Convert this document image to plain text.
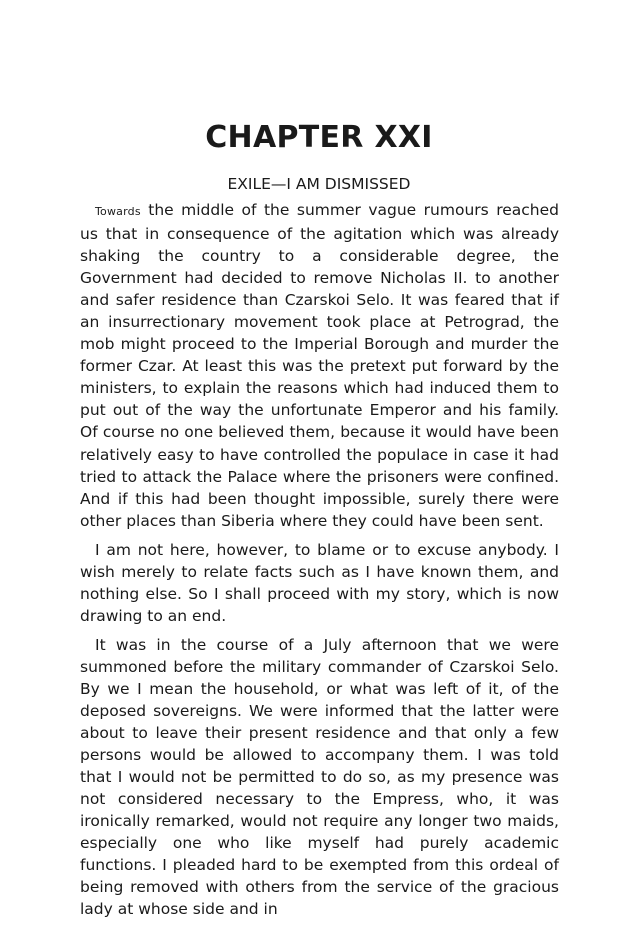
CHAPTER XXI
EXILE—I AM DISMISSED

Towards the middle of the summer vague rumours reached us that in consequence of the agitation which was already shaking the country to a considerable degree, the Government had decided to remove Nicholas II. to another and safer residence than Czarskoi Selo. It was feared that if an insurrectionary movement took place at Petrograd, the mob might proceed to the Imperial Borough and murder the former Czar. At least this was the pretext put forward by the ministers, to explain the reasons which had induced them to put out of the way the unfortunate Emperor and his family. Of course no one believed them, because it would have been relatively easy to have controlled the populace in case it had tried to attack the Palace where the prisoners were confined. And if this had been thought impossible, surely there were other places than Siberia where they could have been sent.

I am not here, however, to blame or to excuse anybody. I wish merely to relate facts such as I have known them, and nothing else. So I shall proceed with my story, which is now drawing to an end.

It was in the course of a July afternoon that we were summoned before the military commander of Czarskoi Selo. By we I mean the household, or what was left of it, of the deposed sovereigns. We were informed that the latter were about to leave their present residence and that only a few persons would be allowed to accompany them. I was told that I would not be permitted to do so, as my presence was not considered necessary to the Empress, who, it was ironically remarked, would not require any longer two maids, especially one who like myself had purely academic functions. I pleaded hard to be exempted from this ordeal of being removed with others from the service of the gracious lady at whose side and in
